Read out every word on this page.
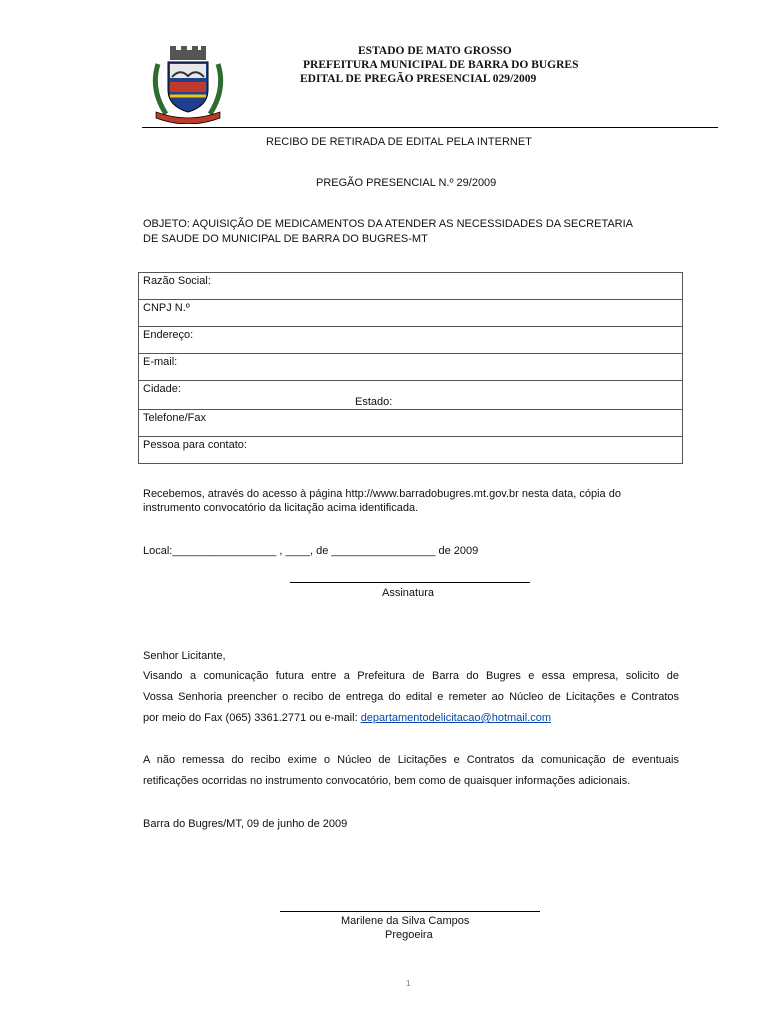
ESTADO DE MATO GROSSO
PREFEITURA MUNICIPAL DE BARRA DO BUGRES
EDITAL DE PREGÃO PRESENCIAL 029/2009
RECIBO DE RETIRADA DE EDITAL PELA INTERNET
PREGÃO PRESENCIAL N.º 29/2009
OBJETO: AQUISIÇÃO DE MEDICAMENTOS DA ATENDER AS NECESSIDADES DA SECRETARIA
DE SAUDE DO MUNICIPAL DE BARRA DO BUGRES-MT
Razão Social:
CNPJ N.º
Endereço:
E-mail:
Cidade:
Estado:

Telefone/Fax
Pessoa para contato:
Recebemos, através do acesso à página http://www.barradobugres.mt.gov.br nesta data, cópia do
instrumento convocatório da licitação acima identificada.
Local:_________________ , ____, de _________________ de 2009
Assinatura
Senhor Licitante,
Visando a comunicação futura entre a Prefeitura de Barra do Bugres e essa empresa, solicito de
Vossa Senhoria preencher o recibo de entrega do edital e remeter ao Núcleo de Licitações e Contratos
por meio do Fax (065) 3361.2771 ou e-mail: departamentodelicitacao@hotmail.com
A não remessa do recibo exime o Núcleo de Licitações e Contratos da comunicação de eventuais
retificações ocorridas no instrumento convocatório, bem como de quaisquer informações adicionais.
Barra do Bugres/MT, 09 de junho de 2009
Marilene da Silva Campos
Pregoeira
1
